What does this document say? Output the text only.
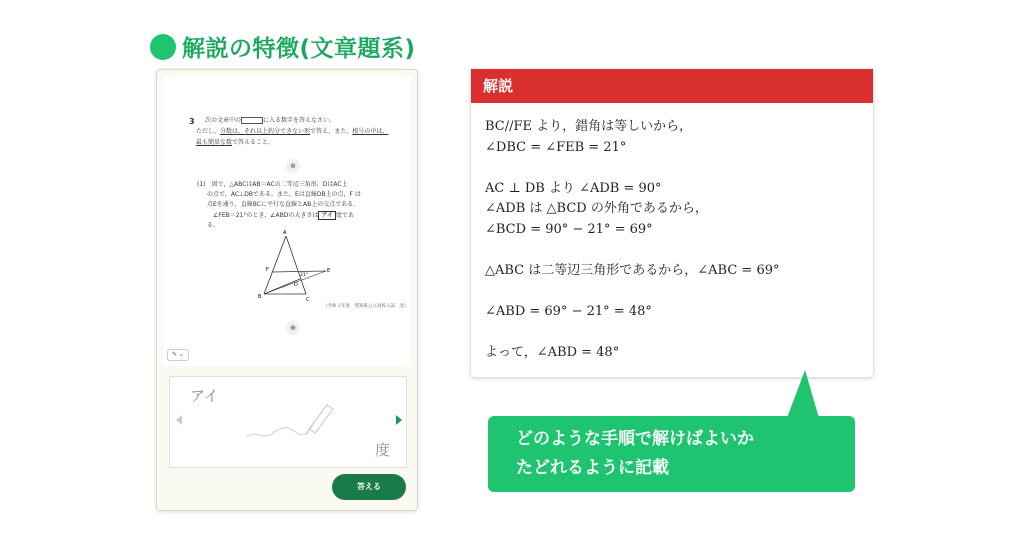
解説の特徴(文章題系)
3 次の文章中の	に入る数字を答えなさい。
ただし，分数は，それ以上約分できない形で答え，また，根号の中は，
最も簡単な数で答えること。
⊕
(1)　図で，△ABCはAB＝ACの二等辺三角形，DはAC上
の点で，AC⊥DBである。また，Eは直線DB上の点，F は
点Eを通り，直線BCに平行な直線とAB上の交点である。
∠FEB＝21°のとき，∠ABDの大きさは アイ 度であ
る。
A
F	E
B	C
D
21°
（令和３年度　愛知県公立高校入試　改）
⊕
✎ ⌄
アイ
度
答える
解説
BC//FE より，錯角は等しいから，
∠DBC = ∠FEB = 21°
AC ⊥ DB より ∠ADB = 90°
∠ADB は △BCD の外角であるから，
∠BCD = 90° − 21° = 69°
△ABC は二等辺三角形であるから，∠ABC = 69°
∠ABD = 69° − 21° = 48°
よって，∠ABD = 48°
どのような手順で解けばよいか
たどれるように記載
